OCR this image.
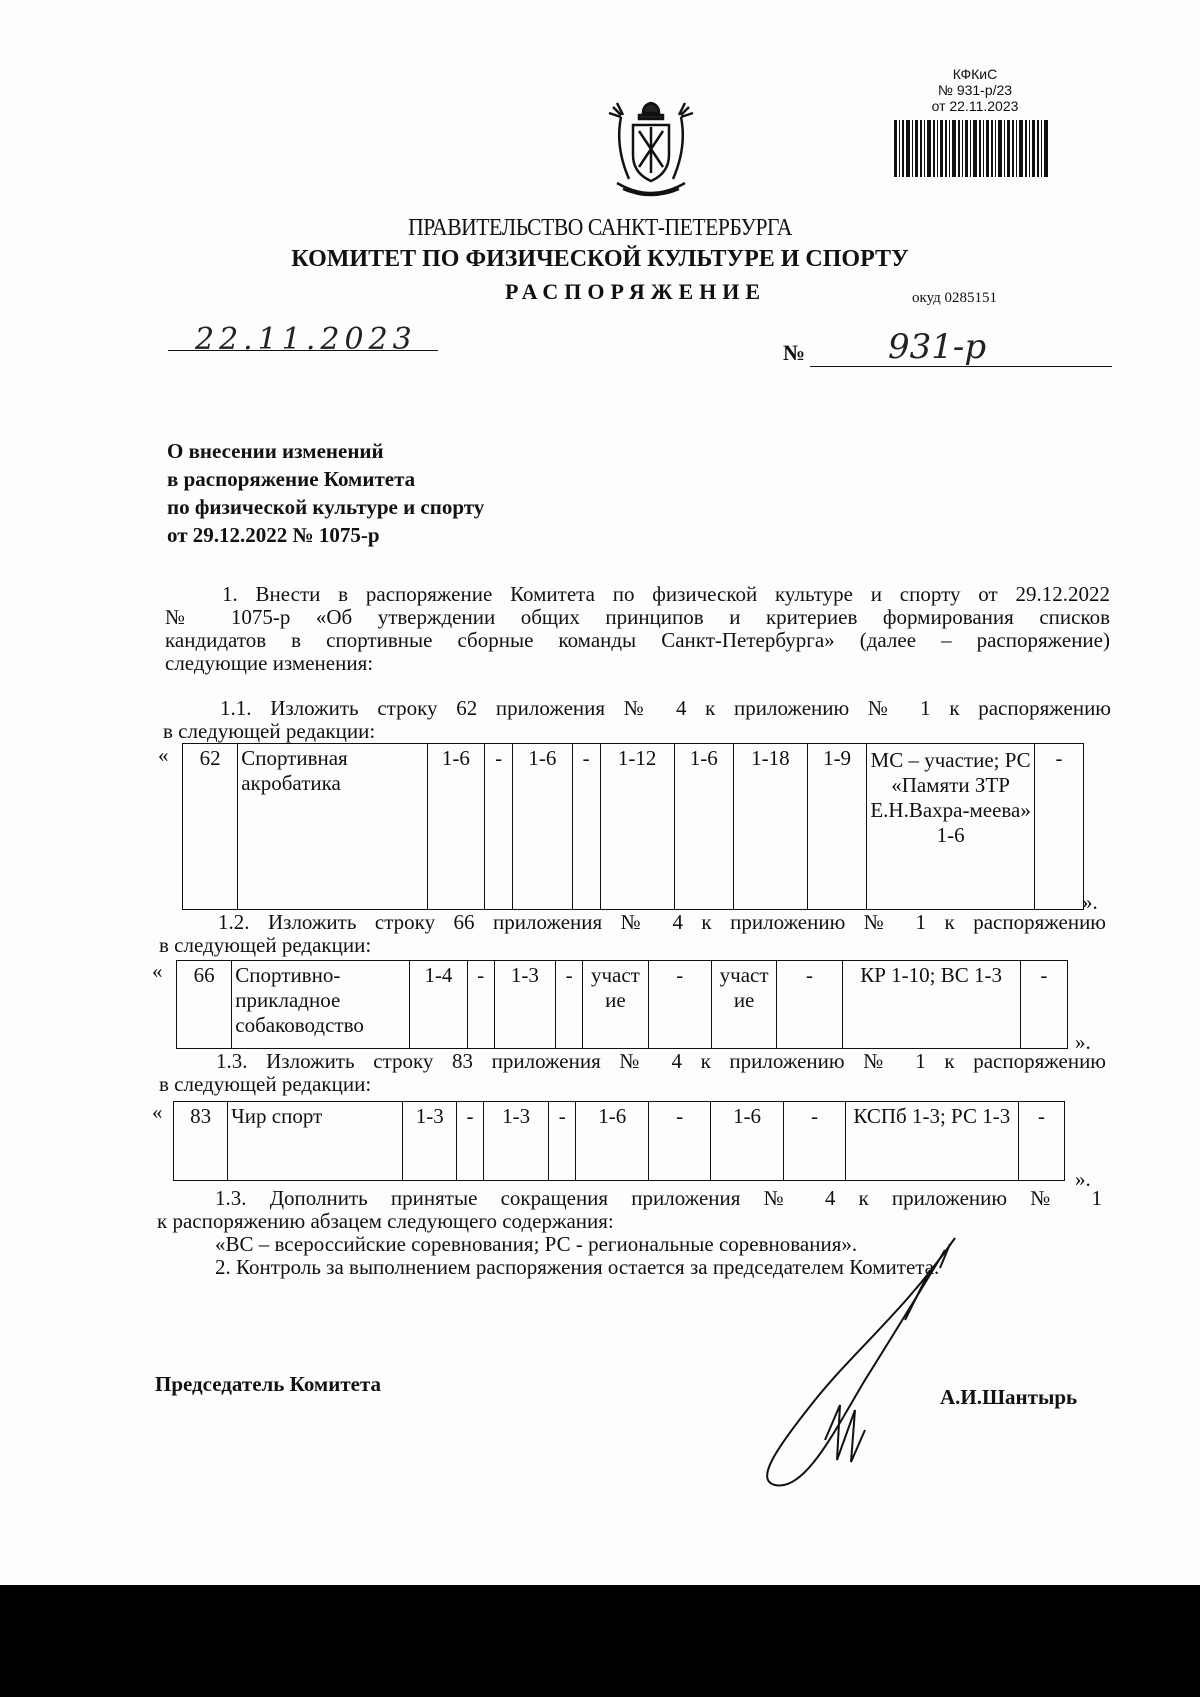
КФКиС
№ 931-р/23
от 22.11.2023
ПРАВИТЕЛЬСТВО САНКТ-ПЕТЕРБУРГА
КОМИТЕТ ПО ФИЗИЧЕСКОЙ КУЛЬТУРЕ И СПОРТУ
РАСПОРЯЖЕНИЕ	окуд 0285151
22.11.2023	№ 931-р
О внесении изменений
в распоряжение Комитета
по физической культуре и спорту
от 29.12.2022 № 1075-р
1. Внести в распоряжение Комитета по физической культуре и спорту от 29.12.2022
№ 1075-р «Об утверждении общих принципов и критериев формирования списков
кандидатов в спортивные сборные команды Санкт-Петербурга» (далее – распоряжение)
следующие изменения:
1.1. Изложить строку 62 приложения № 4 к приложению № 1 к распоряжению
в следующей редакции:
« 62	Спортивная акробатика	1-6	-	1-6	-	1-12	1-6	1-18	1-9	МС – участие; РС «Памяти ЗТР Е.Н.Вахра-меева» 1-6	-
».
1.2. Изложить строку 66 приложения № 4 к приложению № 1 к распоряжению
в следующей редакции:
« 66	Спортивно-прикладное собаководство	1-4	-	1-3	-	участие	-	участие	-	КР 1-10; ВС 1-3	-
».
1.3. Изложить строку 83 приложения № 4 к приложению № 1 к распоряжению
в следующей редакции:
« 83	Чир спорт	1-3	-	1-3	-	1-6	-	1-6	-	КСПб 1-3; РС 1-3	-
».
1.3. Дополнить принятые сокращения приложения № 4 к приложению № 1
к распоряжению абзацем следующего содержания:
«ВС – всероссийские соревнования; РС - региональные соревнования».
2. Контроль за выполнением распоряжения остается за председателем Комитета.
Председатель Комитета
А.И.Шантырь
